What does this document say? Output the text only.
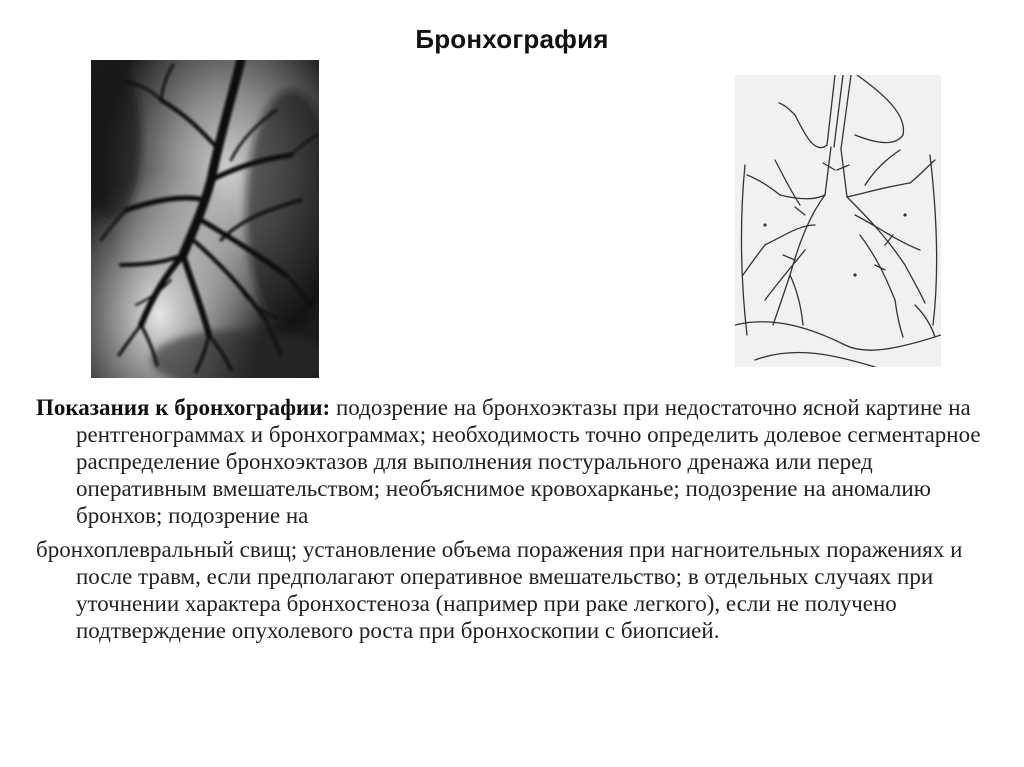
Бронхография

Показания к бронхографии: подозрение на бронхоэктазы при недостаточно ясной картине на рентгенограммах и бронхограммах; необходимость точно определить долевое сегментарное распределение бронхоэктазов для выполнения постурального дренажа или перед оперативным вмешательством; необъяснимое кровохарканье; подозрение на аномалию бронхов; подозрение на

бронхоплевральный свищ; установление объема поражения при нагноительных поражениях и после травм, если предполагают оперативное вмешательство; в отдельных случаях при уточнении характера бронхостеноза (например при раке легкого), если не получено подтверждение опухолевого роста при бронхоскопии с биопсией.
